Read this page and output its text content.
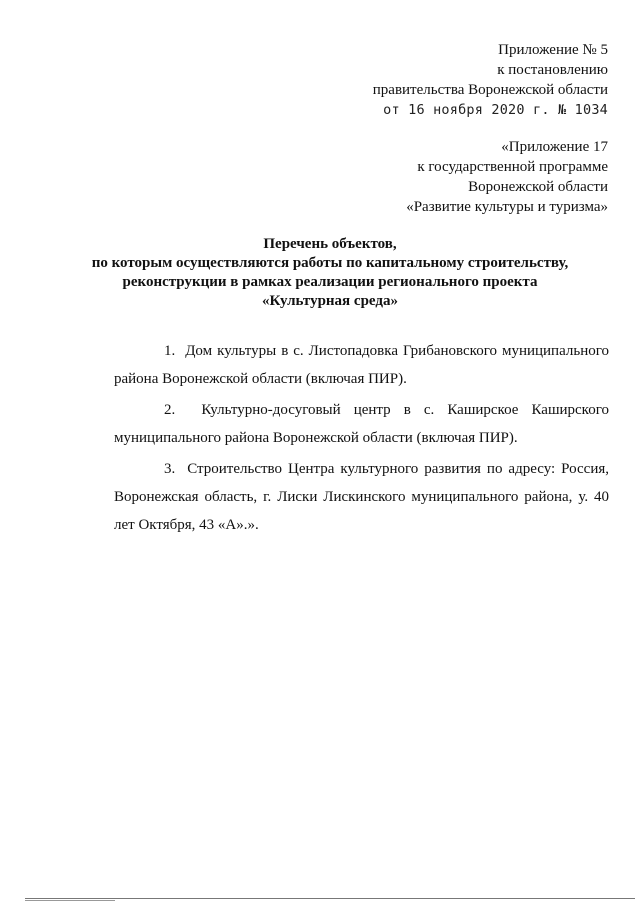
Приложение № 5
к постановлению
правительства Воронежской области
от 16 ноября 2020 г. № 1034
«Приложение 17
к государственной программе
Воронежской области
«Развитие культуры и туризма»
Перечень объектов,
по которым осуществляются работы по капитальному строительству,
реконструкции в рамках реализации регионального проекта
«Культурная среда»

1. Дом культуры в с. Листопадовка Грибановского муниципального района Воронежской области (включая ПИР).

2. Культурно-досуговый центр в с. Каширское Каширского муниципального района Воронежской области (включая ПИР).

3. Строительство Центра культурного развития по адресу: Россия, Воронежская область, г. Лиски Лискинского муниципального района, у. 40 лет Октября, 43 «А».».
